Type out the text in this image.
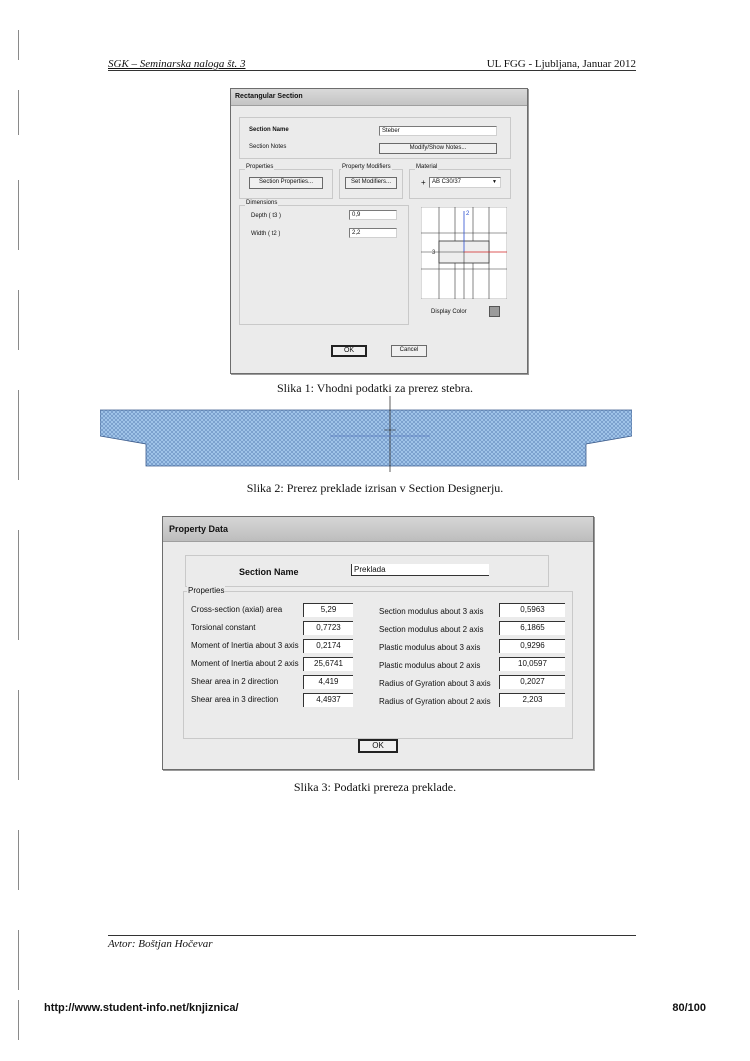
SGK – Seminarska naloga št. 3	UL FGG - Ljubljana, Januar 2012
Rectangular Section
Section Name	Steber
Section Notes	Modify/Show Notes...
Properties
Section Properties...
Property Modifiers
Set Modifiers...
Material
+	AB C30/37	▼
Dimensions
Depth ( t3 )	0,9
Width ( t2 )	2,2
2
3
Display Color
OK	Cancel
Slika 1: Vhodni podatki za prerez stebra.
Slika 2: Prerez preklade izrisan v Section Designerju.
Property Data
Section Name	Preklada
Properties
Cross-section (axial) area	5,29
Torsional constant	0,7723
Moment of Inertia about 3 axis	0,2174
Moment of Inertia about 2 axis	25,6741
Shear area in 2 direction	4,419
Shear area in 3 direction	4,4937
Section modulus about 3 axis	0,5963
Section modulus about 2 axis	6,1865
Plastic modulus about 3 axis	0,9296
Plastic modulus about 2 axis	10,0597
Radius of Gyration about 3 axis	0,2027
Radius of Gyration about 2 axis	2,203
OK
Slika 3: Podatki prereza preklade.
Avtor: Boštjan Hočevar
http://www.student-info.net/knjiznica/	80/100
